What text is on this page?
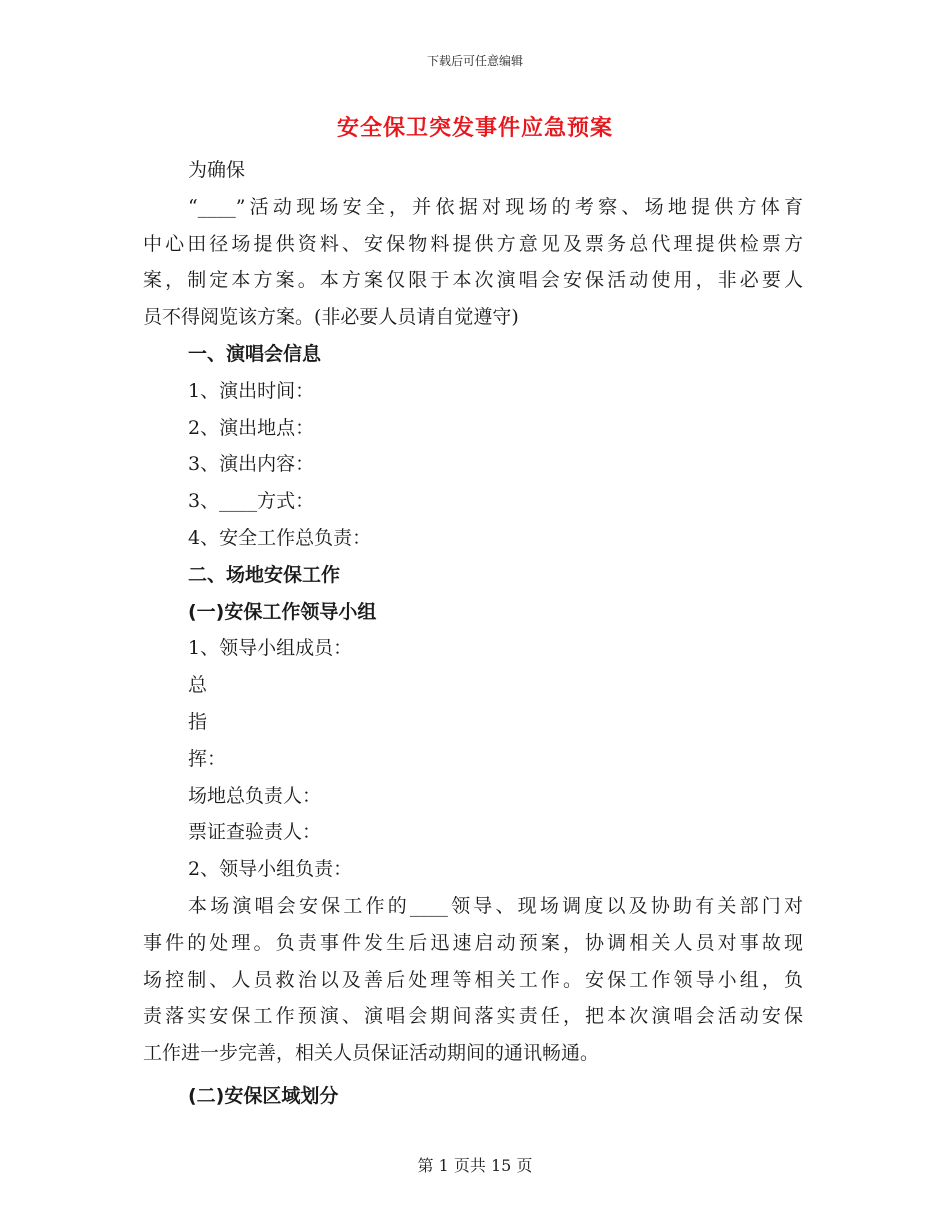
下载后可任意编辑
安全保卫突发事件应急预案

为确保

“____”活动现场安全，并依据对现场的考察、场地提供方体育

中心田径场提供资料、安保物料提供方意见及票务总代理提供检票方

案，制定本方案。本方案仅限于本次演唱会安保活动使用，非必要人

员不得阅览该方案。(非必要人员请自觉遵守)

一、演唱会信息

1、演出时间：

2、演出地点：

3、演出内容：

3、____方式：

4、安全工作总负责：

二、场地安保工作

(一)安保工作领导小组

1、领导小组成员：

总

指

挥：

场地总负责人：

票证查验责人：

2、领导小组负责：

本场演唱会安保工作的____领导、现场调度以及协助有关部门对

事件的处理。负责事件发生后迅速启动预案，协调相关人员对事故现

场控制、人员救治以及善后处理等相关工作。安保工作领导小组，负

责落实安保工作预演、演唱会期间落实责任，把本次演唱会活动安保

工作进一步完善，相关人员保证活动期间的通讯畅通。

(二)安保区域划分

第 1 页共 15 页
